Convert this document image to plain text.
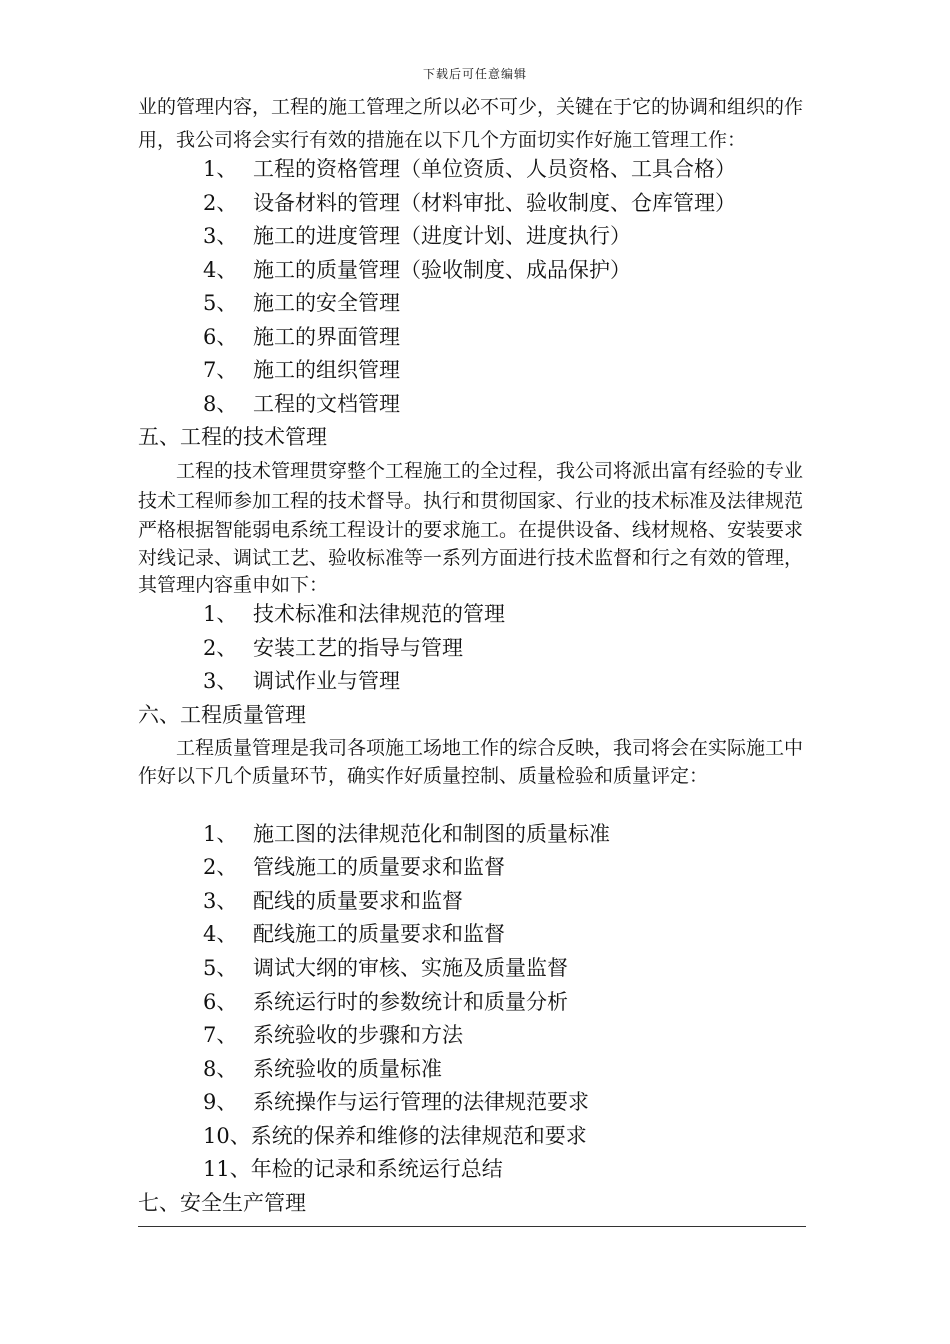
下载后可任意编辑
业的管理内容，工程的施工管理之所以必不可少，关键在于它的协调和组织的作
用，我公司将会实行有效的措施在以下几个方面切实作好施工管理工作：
1、 工程的资格管理（单位资质、人员资格、工具合格）
2、 设备材料的管理（材料审批、验收制度、仓库管理）
3、 施工的进度管理（进度计划、进度执行）
4、 施工的质量管理（验收制度、成品保护）
5、 施工的安全管理
6、 施工的界面管理
7、 施工的组织管理
8、 工程的文档管理
五、工程的技术管理
工程的技术管理贯穿整个工程施工的全过程，我公司将派出富有经验的专业
技术工程师参加工程的技术督导。执行和贯彻国家、行业的技术标准及法律规范
严格根据智能弱电系统工程设计的要求施工。在提供设备、线材规格、安装要求
对线记录、调试工艺、验收标准等一系列方面进行技术监督和行之有效的管理，
其管理内容重申如下：
1、 技术标准和法律规范的管理
2、 安装工艺的指导与管理
3、 调试作业与管理
六、工程质量管理
工程质量管理是我司各项施工场地工作的综合反映，我司将会在实际施工中
作好以下几个质量环节，确实作好质量控制、质量检验和质量评定：
1、 施工图的法律规范化和制图的质量标准
2、 管线施工的质量要求和监督
3、 配线的质量要求和监督
4、 配线施工的质量要求和监督
5、 调试大纲的审核、实施及质量监督
6、 系统运行时的参数统计和质量分析
7、 系统验收的步骤和方法
8、 系统验收的质量标准
9、 系统操作与运行管理的法律规范要求
10、系统的保养和维修的法律规范和要求
11、年检的记录和系统运行总结
七、安全生产管理
